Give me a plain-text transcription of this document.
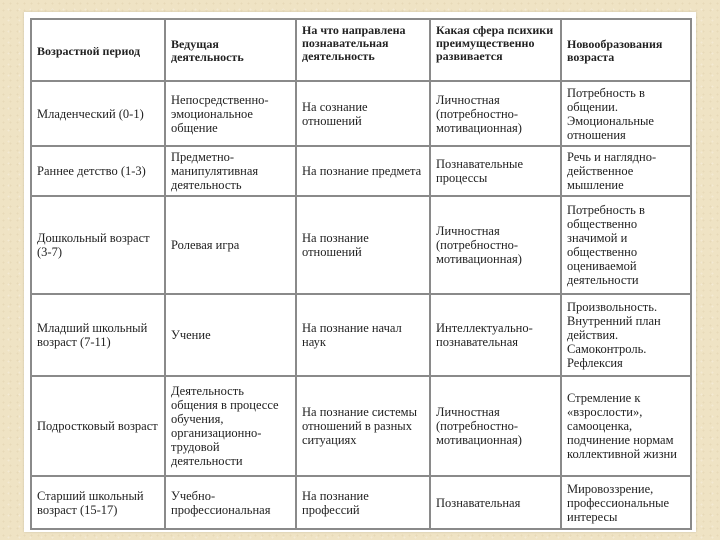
Возрастной период	Ведущая деятельность	На что направлена познавательная деятельность	Какая сфера психики преимущественно развивается	Новообразования возраста
Младенческий (0-1)	Непосредственно-эмоциональное общение	На сознание отношений	Личностная (потребностно-мотивационная)	Потребность в общении. Эмоциональные отношения
Раннее детство (1-3)	Предметно-манипулятивная деятельность	На познание предмета	Познавательные процессы	Речь и наглядно-действенное мышление
Дошкольный возраст (3-7)	Ролевая игра	На познание отношений	Личностная (потребностно-мотивационная)	Потребность в общественно значимой и общественно оцениваемой деятельности
Младший школьный возраст (7-11)	Учение	На познание начал наук	Интеллектуально-познавательная	Произвольность. Внутренний план действия. Самоконтроль. Рефлексия
Подростковый возраст	Деятельность общения в процессе обучения, организационно-трудовой деятельности	На познание системы отношений в разных ситуациях	Личностная (потребностно-мотивационная)	Стремление к «взрослости», самооценка, подчинение нормам коллективной жизни
Старший школьный возраст (15-17)	Учебно-профессиональная	На познание профессий	Познавательная	Мировоззрение, профессиональные интересы
